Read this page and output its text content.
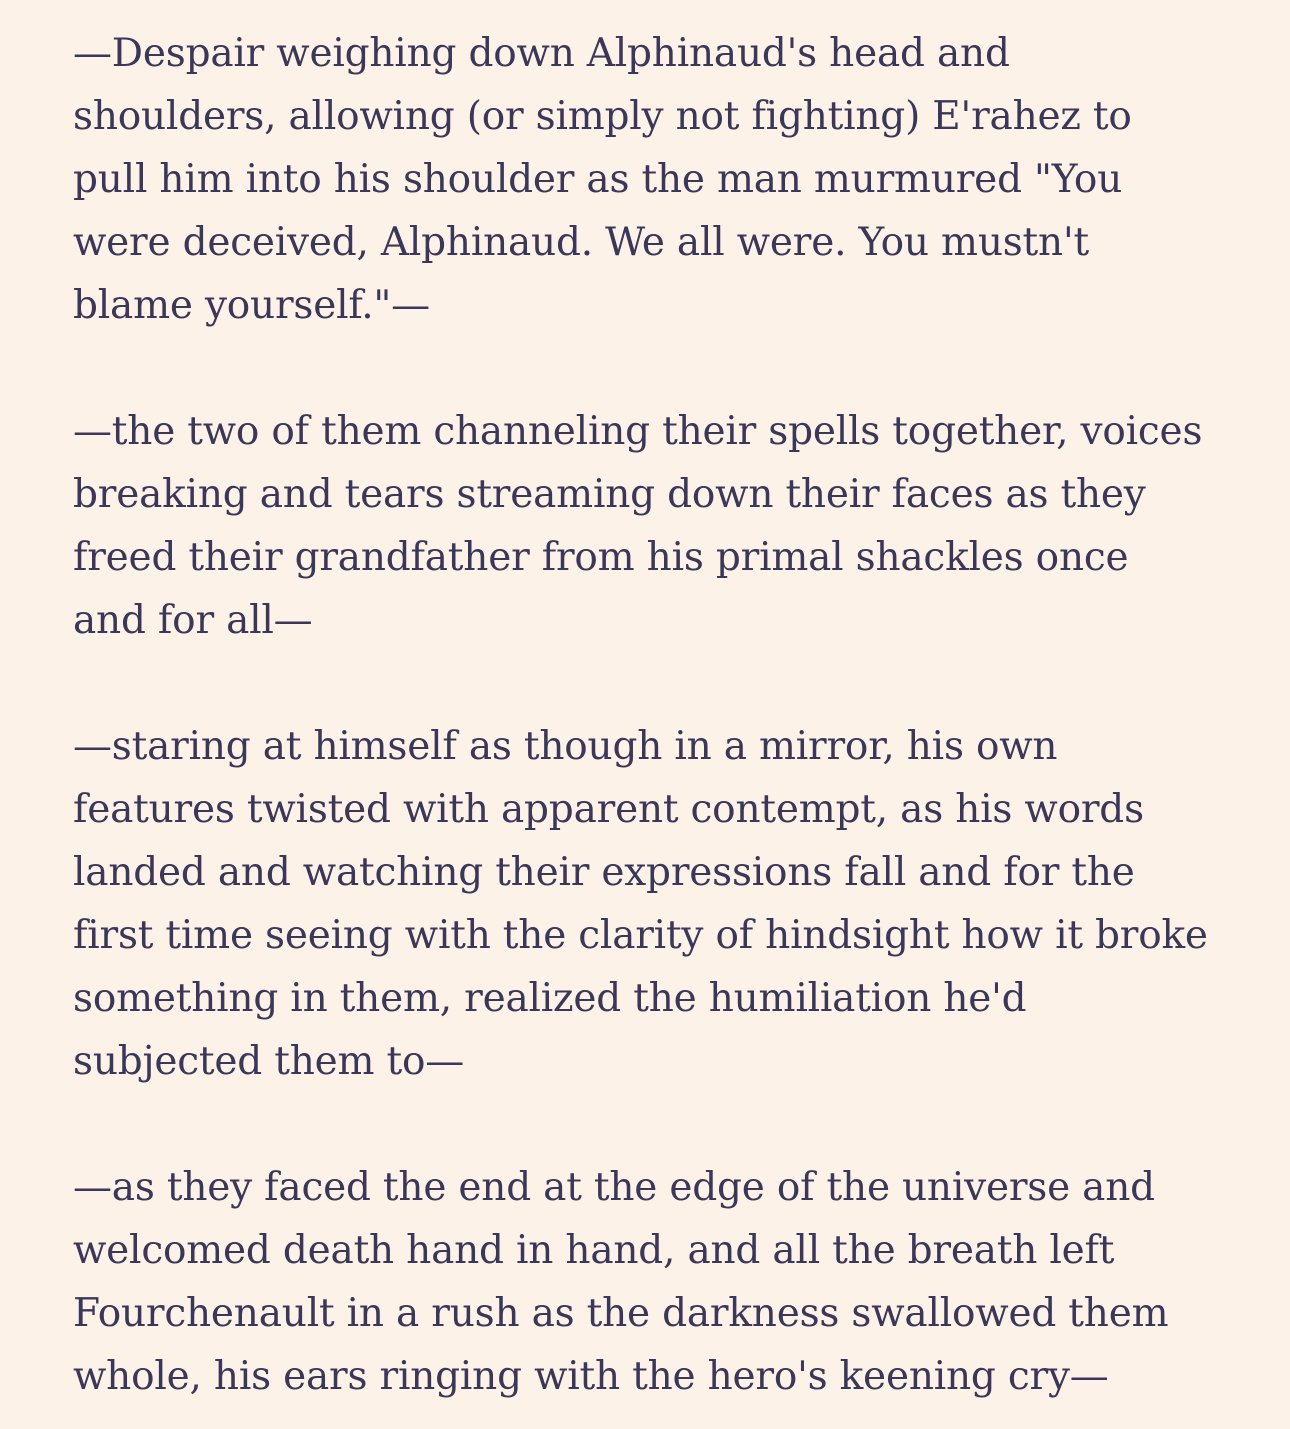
—Despair weighing down Alphinaud's head and shoulders, allowing (or simply not fighting) E'rahez to pull him into his shoulder as the man murmured "You were deceived, Alphinaud. We all were. You mustn't blame yourself."—

—the two of them channeling their spells together, voices breaking and tears streaming down their faces as they freed their grandfather from his primal shackles once and for all—

—staring at himself as though in a mirror, his own features twisted with apparent contempt, as his words landed and watching their expressions fall and for the first time seeing with the clarity of hindsight how it broke something in them, realized the humiliation he'd subjected them to—

—as they faced the end at the edge of the universe and welcomed death hand in hand, and all the breath left Fourchenault in a rush as the darkness swallowed them whole, his ears ringing with the hero's keening cry—
